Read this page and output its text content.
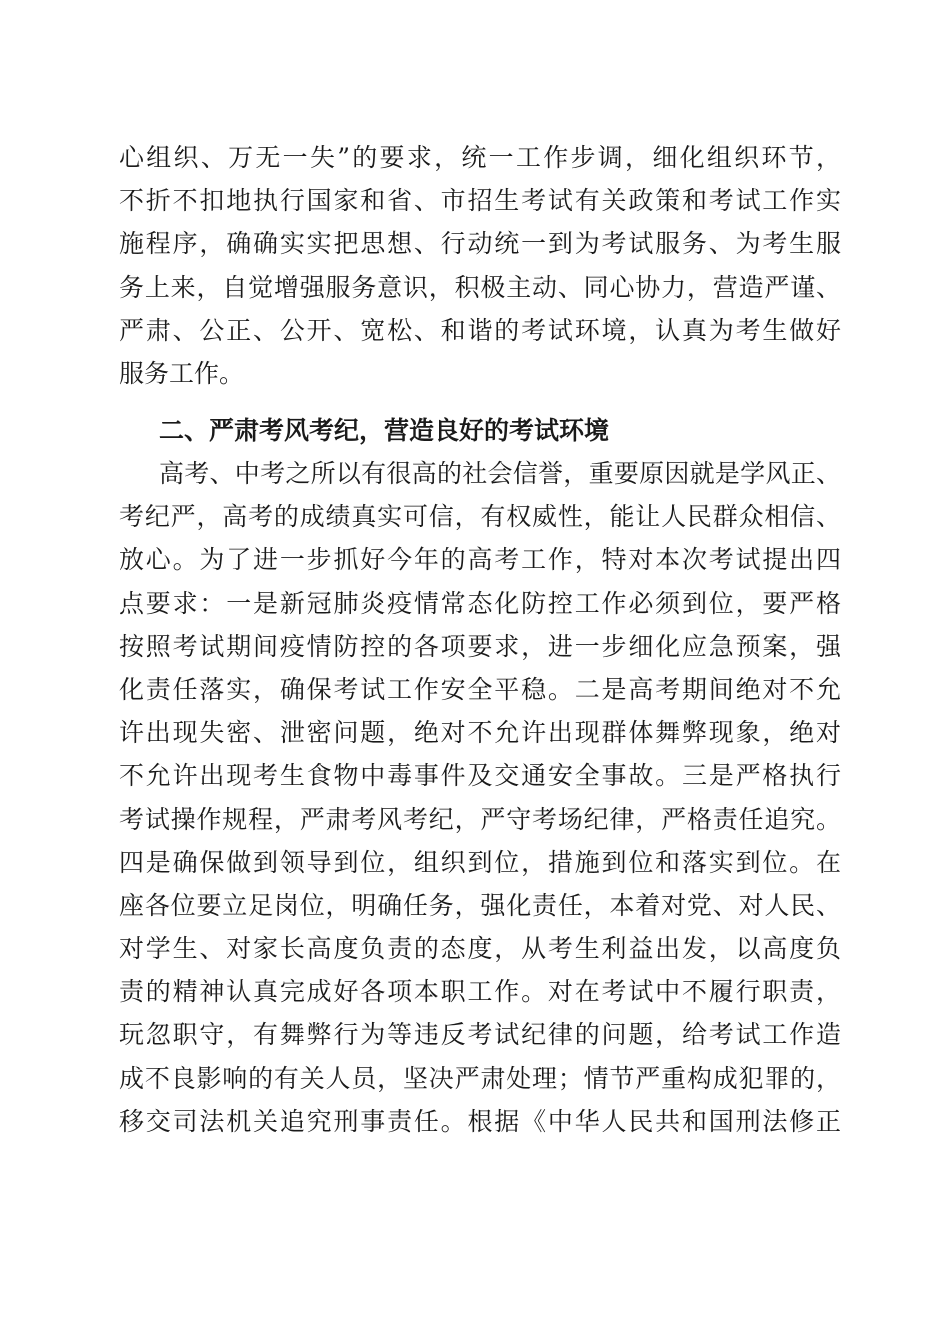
心组织、万无一失”的要求，统一工作步调，细化组织环节，
不折不扣地执行国家和省、市招生考试有关政策和考试工作实
施程序，确确实实把思想、行动统一到为考试服务、为考生服
务上来，自觉增强服务意识，积极主动、同心协力，营造严谨、
严肃、公正、公开、宽松、和谐的考试环境，认真为考生做好
服务工作。
二、严肃考风考纪，营造良好的考试环境
高考、中考之所以有很高的社会信誉，重要原因就是学风正、
考纪严，高考的成绩真实可信，有权威性，能让人民群众相信、
放心。为了进一步抓好今年的高考工作，特对本次考试提出四
点要求：一是新冠肺炎疫情常态化防控工作必须到位，要严格
按照考试期间疫情防控的各项要求，进一步细化应急预案，强
化责任落实，确保考试工作安全平稳。二是高考期间绝对不允
许出现失密、泄密问题，绝对不允许出现群体舞弊现象，绝对
不允许出现考生食物中毒事件及交通安全事故。三是严格执行
考试操作规程，严肃考风考纪，严守考场纪律，严格责任追究。
四是确保做到领导到位，组织到位，措施到位和落实到位。在
座各位要立足岗位，明确任务，强化责任，本着对党、对人民、
对学生、对家长高度负责的态度，从考生利益出发，以高度负
责的精神认真完成好各项本职工作。对在考试中不履行职责，
玩忽职守，有舞弊行为等违反考试纪律的问题，给考试工作造
成不良影响的有关人员，坚决严肃处理；情节严重构成犯罪的，
移交司法机关追究刑事责任。根据《中华人民共和国刑法修正
